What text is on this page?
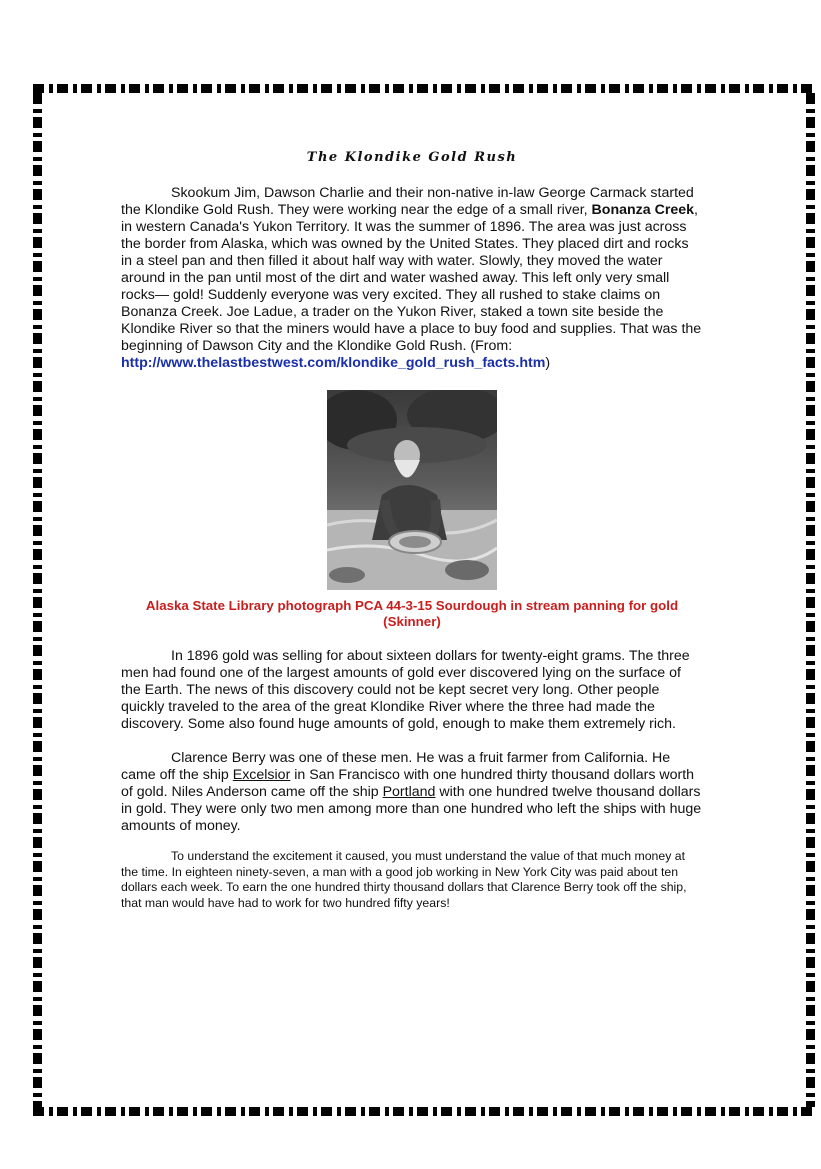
The Klondike Gold Rush

Skookum Jim, Dawson Charlie and their non-native in-law George Carmack started the Klondike Gold Rush. They were working near the edge of a small river, Bonanza Creek, in western Canada's Yukon Territory. It was the summer of 1896. The area was just across the border from Alaska, which was owned by the United States. They placed dirt and rocks in a steel pan and then filled it about half way with water. Slowly, they moved the water around in the pan until most of the dirt and water washed away. This left only very small rocks— gold! Suddenly everyone was very excited. They all rushed to stake claims on Bonanza Creek. Joe Ladue, a trader on the Yukon River, staked a town site beside the Klondike River so that the miners would have a place to buy food and supplies. That was the beginning of Dawson City and the Klondike Gold Rush. (From: http://www.thelastbestwest.com/klondike_gold_rush_facts.htm)

Alaska State Library photograph PCA 44-3-15 Sourdough in stream panning for gold (Skinner)

In 1896 gold was selling for about sixteen dollars for twenty-eight grams. The three men had found one of the largest amounts of gold ever discovered lying on the surface of the Earth. The news of this discovery could not be kept secret very long. Other people quickly traveled to the area of the great Klondike River where the three had made the discovery. Some also found huge amounts of gold, enough to make them extremely rich.

Clarence Berry was one of these men. He was a fruit farmer from California. He came off the ship Excelsior in San Francisco with one hundred thirty thousand dollars worth of gold. Niles Anderson came off the ship Portland with one hundred twelve thousand dollars in gold. They were only two men among more than one hundred who left the ships with huge amounts of money.

To understand the excitement it caused, you must understand the value of that much money at the time. In eighteen ninety-seven, a man with a good job working in New York City was paid about ten dollars each week. To earn the one hundred thirty thousand dollars that Clarence Berry took off the ship, that man would have had to work for two hundred fifty years!
